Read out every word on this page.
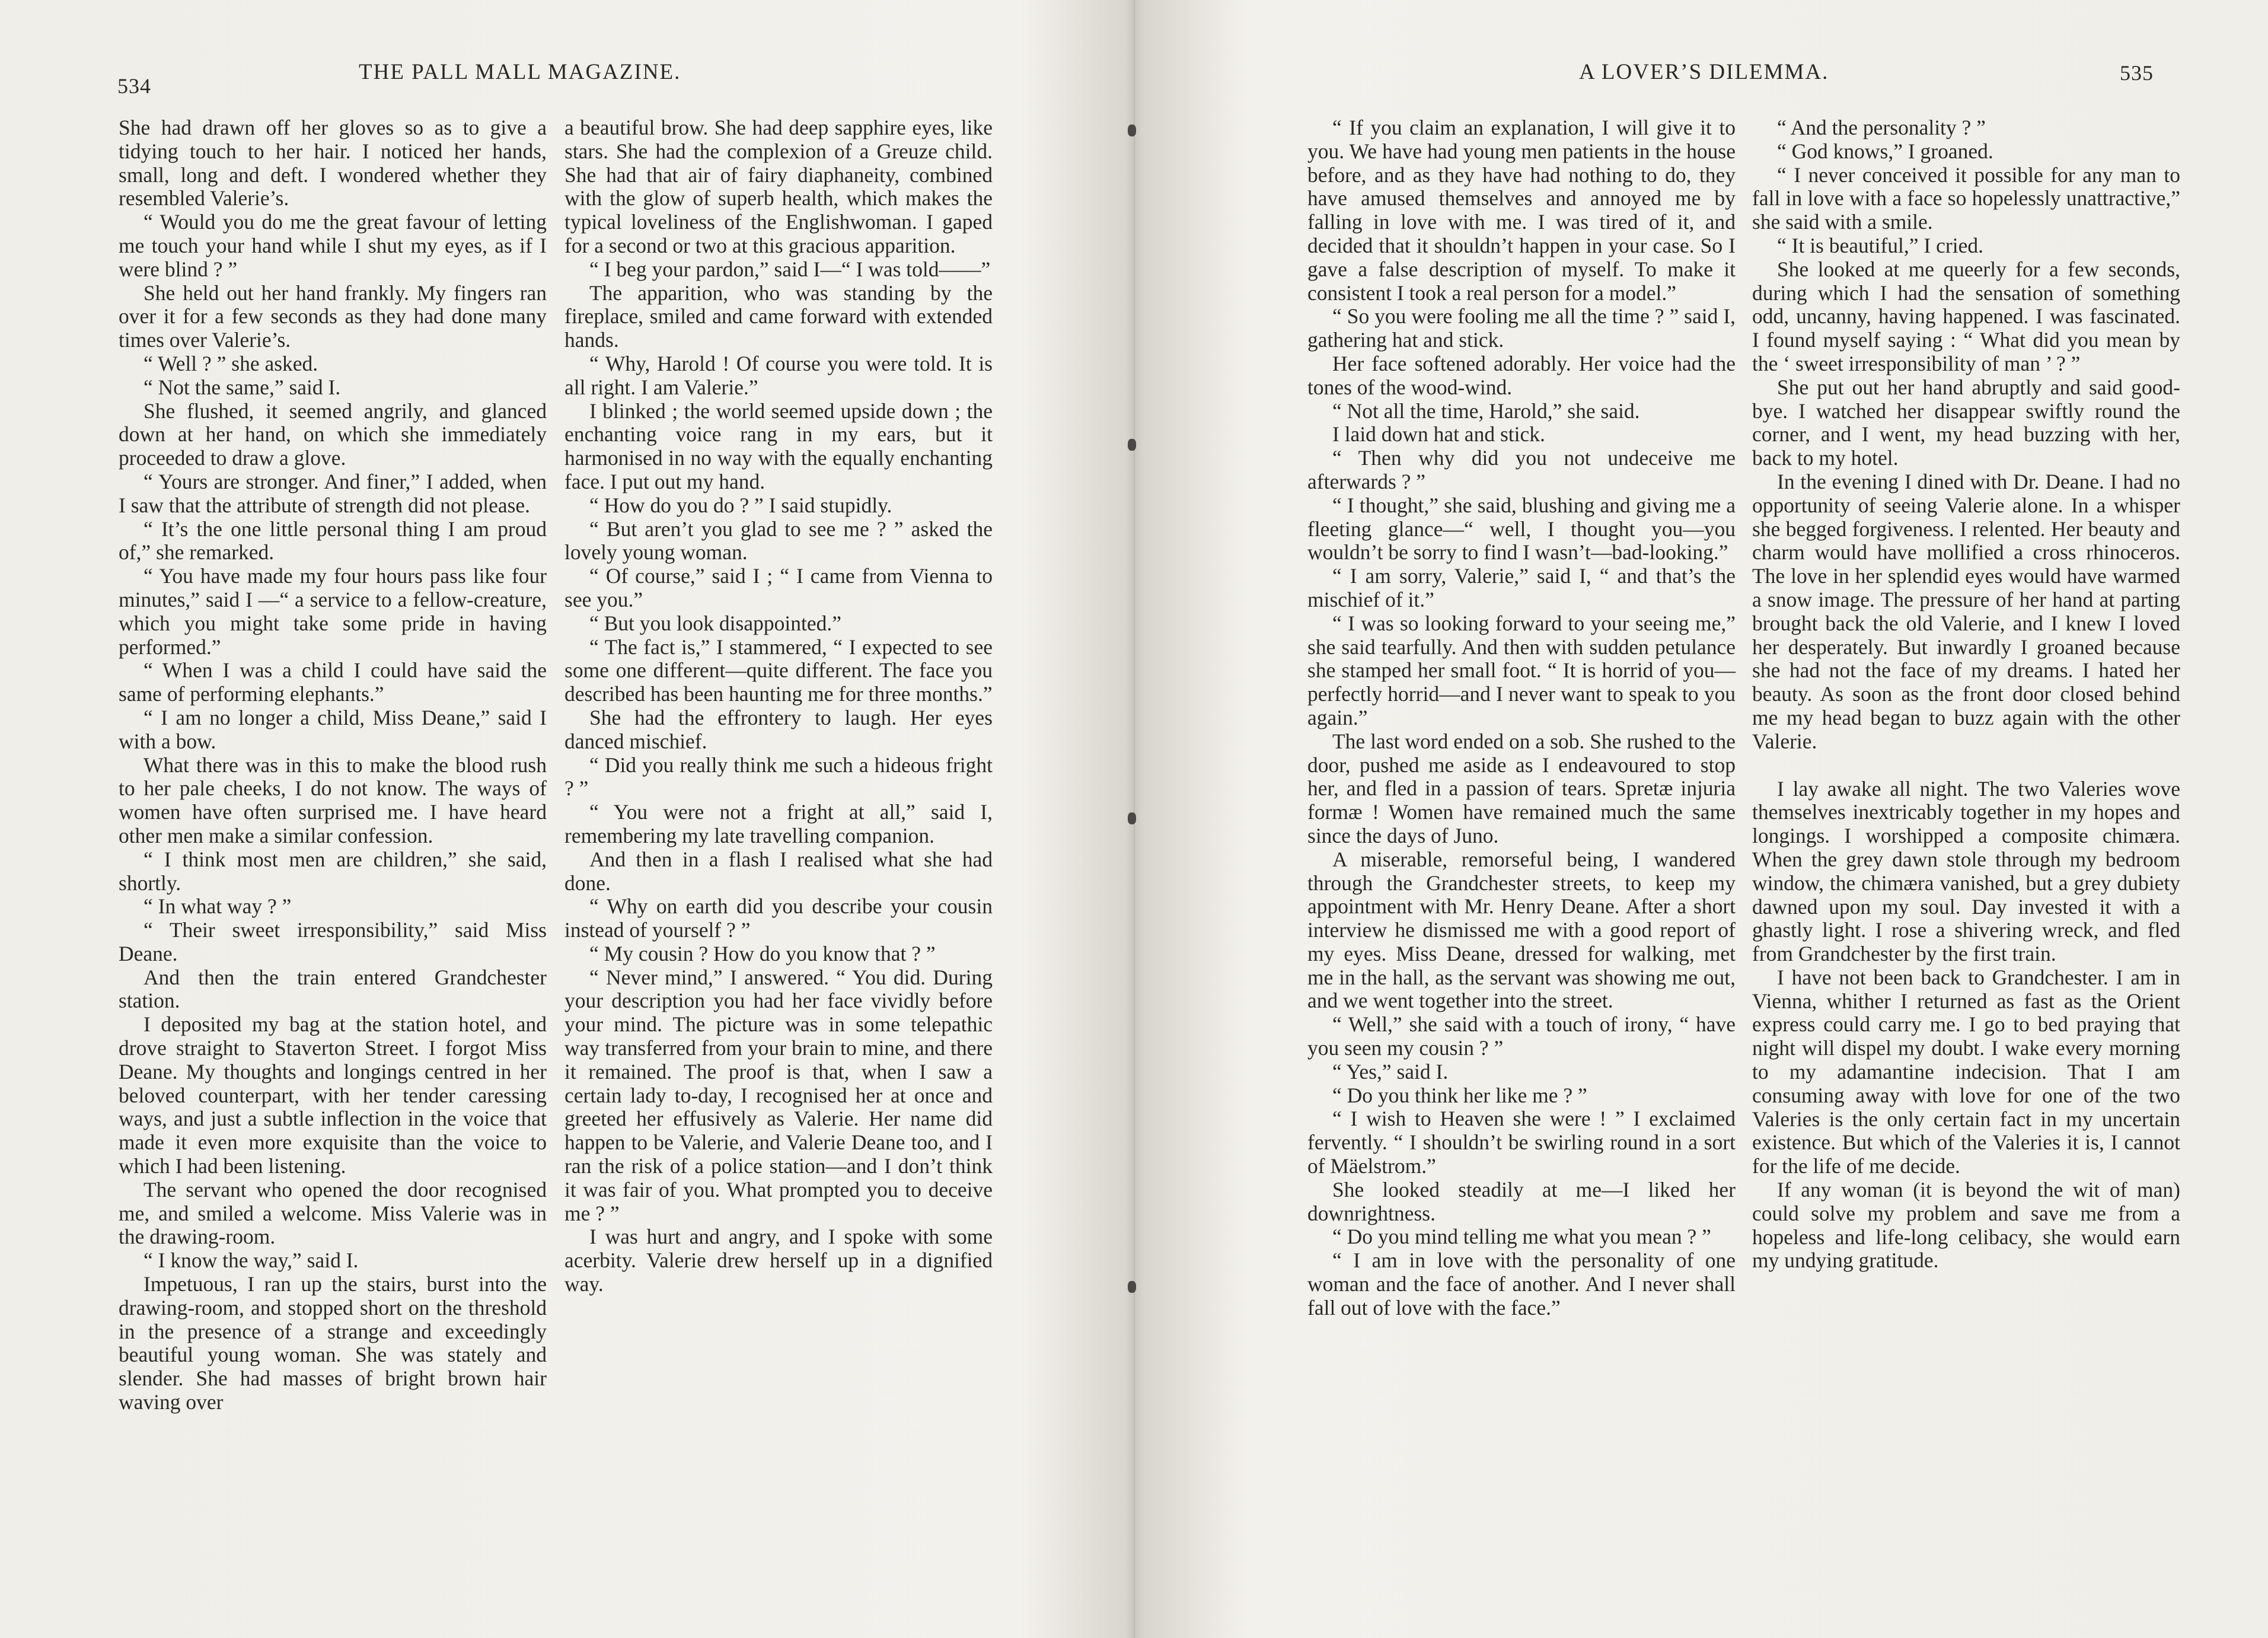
534
THE PALL MALL MAGAZINE.

She had drawn off her gloves so as to give a tidying touch to her hair. I noticed her hands, small, long and deft. I wondered whether they resembled Valerie’s.

“ Would you do me the great favour of letting me touch your hand while I shut my eyes, as if I were blind ? ”

She held out her hand frankly. My fingers ran over it for a few seconds as they had done many times over Valerie’s.

“ Well ? ” she asked.

“ Not the same,” said I.

She flushed, it seemed angrily, and glanced down at her hand, on which she immediately proceeded to draw a glove.

“ Yours are stronger. And finer,” I added, when I saw that the attribute of strength did not please.

“ It’s the one little personal thing I am proud of,” she remarked.

“ You have made my four hours pass like four minutes,” said I —“ a service to a fellow-creature, which you might take some pride in having performed.”

“ When I was a child I could have said the same of performing elephants.”

“ I am no longer a child, Miss Deane,” said I with a bow.

What there was in this to make the blood rush to her pale cheeks, I do not know. The ways of women have often surprised me. I have heard other men make a similar confession.

“ I think most men are children,” she said, shortly.

“ In what way ? ”

“ Their sweet irresponsibility,” said Miss Deane.

And then the train entered Grandchester station.

I deposited my bag at the station hotel, and drove straight to Staverton Street. I forgot Miss Deane. My thoughts and longings centred in her beloved counterpart, with her tender caressing ways, and just a subtle inflection in the voice that made it even more exquisite than the voice to which I had been listening.

The servant who opened the door recognised me, and smiled a welcome. Miss Valerie was in the drawing-room.

“ I know the way,” said I.

Impetuous, I ran up the stairs, burst into the drawing-room, and stopped short on the threshold in the presence of a strange and exceedingly beautiful young woman. She was stately and slender. She had masses of bright brown hair waving over

a beautiful brow. She had deep sapphire eyes, like stars. She had the complexion of a Greuze child. She had that air of fairy diaphaneity, combined with the glow of superb health, which makes the typical loveliness of the Englishwoman. I gaped for a second or two at this gracious apparition.

“ I beg your pardon,” said I—“ I was told——”

The apparition, who was standing by the fireplace, smiled and came forward with extended hands.

“ Why, Harold ! Of course you were told. It is all right. I am Valerie.”

I blinked ; the world seemed upside down ; the enchanting voice rang in my ears, but it harmonised in no way with the equally enchanting face. I put out my hand.

“ How do you do ? ” I said stupidly.

“ But aren’t you glad to see me ? ” asked the lovely young woman.

“ Of course,” said I ; “ I came from Vienna to see you.”

“ But you look disappointed.”

“ The fact is,” I stammered, “ I expected to see some one different—quite different. The face you described has been haunting me for three months.”

She had the effrontery to laugh. Her eyes danced mischief.

“ Did you really think me such a hideous fright ? ”

“ You were not a fright at all,” said I, remembering my late travelling companion.

And then in a flash I realised what she had done.

“ Why on earth did you describe your cousin instead of yourself ? ”

“ My cousin ? How do you know that ? ”

“ Never mind,” I answered. “ You did. During your description you had her face vividly before your mind. The picture was in some telepathic way transferred from your brain to mine, and there it remained. The proof is that, when I saw a certain lady to-day, I recognised her at once and greeted her effusively as Valerie. Her name did happen to be Valerie, and Valerie Deane too, and I ran the risk of a police station—and I don’t think it was fair of you. What prompted you to deceive me ? ”

I was hurt and angry, and I spoke with some acerbity. Valerie drew herself up in a dignified way.

A LOVER’S DILEMMA.	535

“ If you claim an explanation, I will give it to you. We have had young men patients in the house before, and as they have had nothing to do, they have amused themselves and annoyed me by falling in love with me. I was tired of it, and decided that it shouldn’t happen in your case. So I gave a false description of myself. To make it consistent I took a real person for a model.”

“ So you were fooling me all the time ? ” said I, gathering hat and stick.

Her face softened adorably. Her voice had the tones of the wood-wind.

“ Not all the time, Harold,” she said.

I laid down hat and stick.

“ Then why did you not undeceive me afterwards ? ”

“ I thought,” she said, blushing and giving me a fleeting glance—“ well, I thought you—you wouldn’t be sorry to find I wasn’t—bad-looking.”

“ I am sorry, Valerie,” said I, “ and that’s the mischief of it.”

“ I was so looking forward to your seeing me,” she said tearfully. And then with sudden petulance she stamped her small foot. “ It is horrid of you—perfectly horrid—and I never want to speak to you again.”

The last word ended on a sob. She rushed to the door, pushed me aside as I endeavoured to stop her, and fled in a passion of tears. Spretæ injuria formæ ! Women have remained much the same since the days of Juno.

A miserable, remorseful being, I wandered through the Grandchester streets, to keep my appointment with Mr. Henry Deane. After a short interview he dismissed me with a good report of my eyes. Miss Deane, dressed for walking, met me in the hall, as the servant was showing me out, and we went together into the street.

“ Well,” she said with a touch of irony, “ have you seen my cousin ? ”

“ Yes,” said I.

“ Do you think her like me ? ”

“ I wish to Heaven she were ! ” I exclaimed fervently. “ I shouldn’t be swirling round in a sort of Mäelstrom.”

She looked steadily at me—I liked her downrightness.

“ Do you mind telling me what you mean ? ”

“ I am in love with the personality of one woman and the face of another. And I never shall fall out of love with the face.”

“ And the personality ? ”

“ God knows,” I groaned.

“ I never conceived it possible for any man to fall in love with a face so hopelessly unattractive,” she said with a smile.

“ It is beautiful,” I cried.

She looked at me queerly for a few seconds, during which I had the sensation of something odd, uncanny, having happened. I was fascinated. I found myself saying : “ What did you mean by the ‘ sweet irresponsibility of man ’ ? ”

She put out her hand abruptly and said good-bye. I watched her disappear swiftly round the corner, and I went, my head buzzing with her, back to my hotel.

In the evening I dined with Dr. Deane. I had no opportunity of seeing Valerie alone. In a whisper she begged forgiveness. I relented. Her beauty and charm would have mollified a cross rhinoceros. The love in her splendid eyes would have warmed a snow image. The pressure of her hand at parting brought back the old Valerie, and I knew I loved her desperately. But inwardly I groaned because she had not the face of my dreams. I hated her beauty. As soon as the front door closed behind me my head began to buzz again with the other Valerie.

I lay awake all night. The two Valeries wove themselves inextricably together in my hopes and longings. I worshipped a composite chimæra. When the grey dawn stole through my bedroom window, the chimæra vanished, but a grey dubiety dawned upon my soul. Day invested it with a ghastly light. I rose a shivering wreck, and fled from Grandchester by the first train.

I have not been back to Grandchester. I am in Vienna, whither I returned as fast as the Orient express could carry me. I go to bed praying that night will dispel my doubt. I wake every morning to my adamantine indecision. That I am consuming away with love for one of the two Valeries is the only certain fact in my uncertain existence. But which of the Valeries it is, I cannot for the life of me decide.

If any woman (it is beyond the wit of man) could solve my problem and save me from a hopeless and life-long celibacy, she would earn my undying gratitude.
